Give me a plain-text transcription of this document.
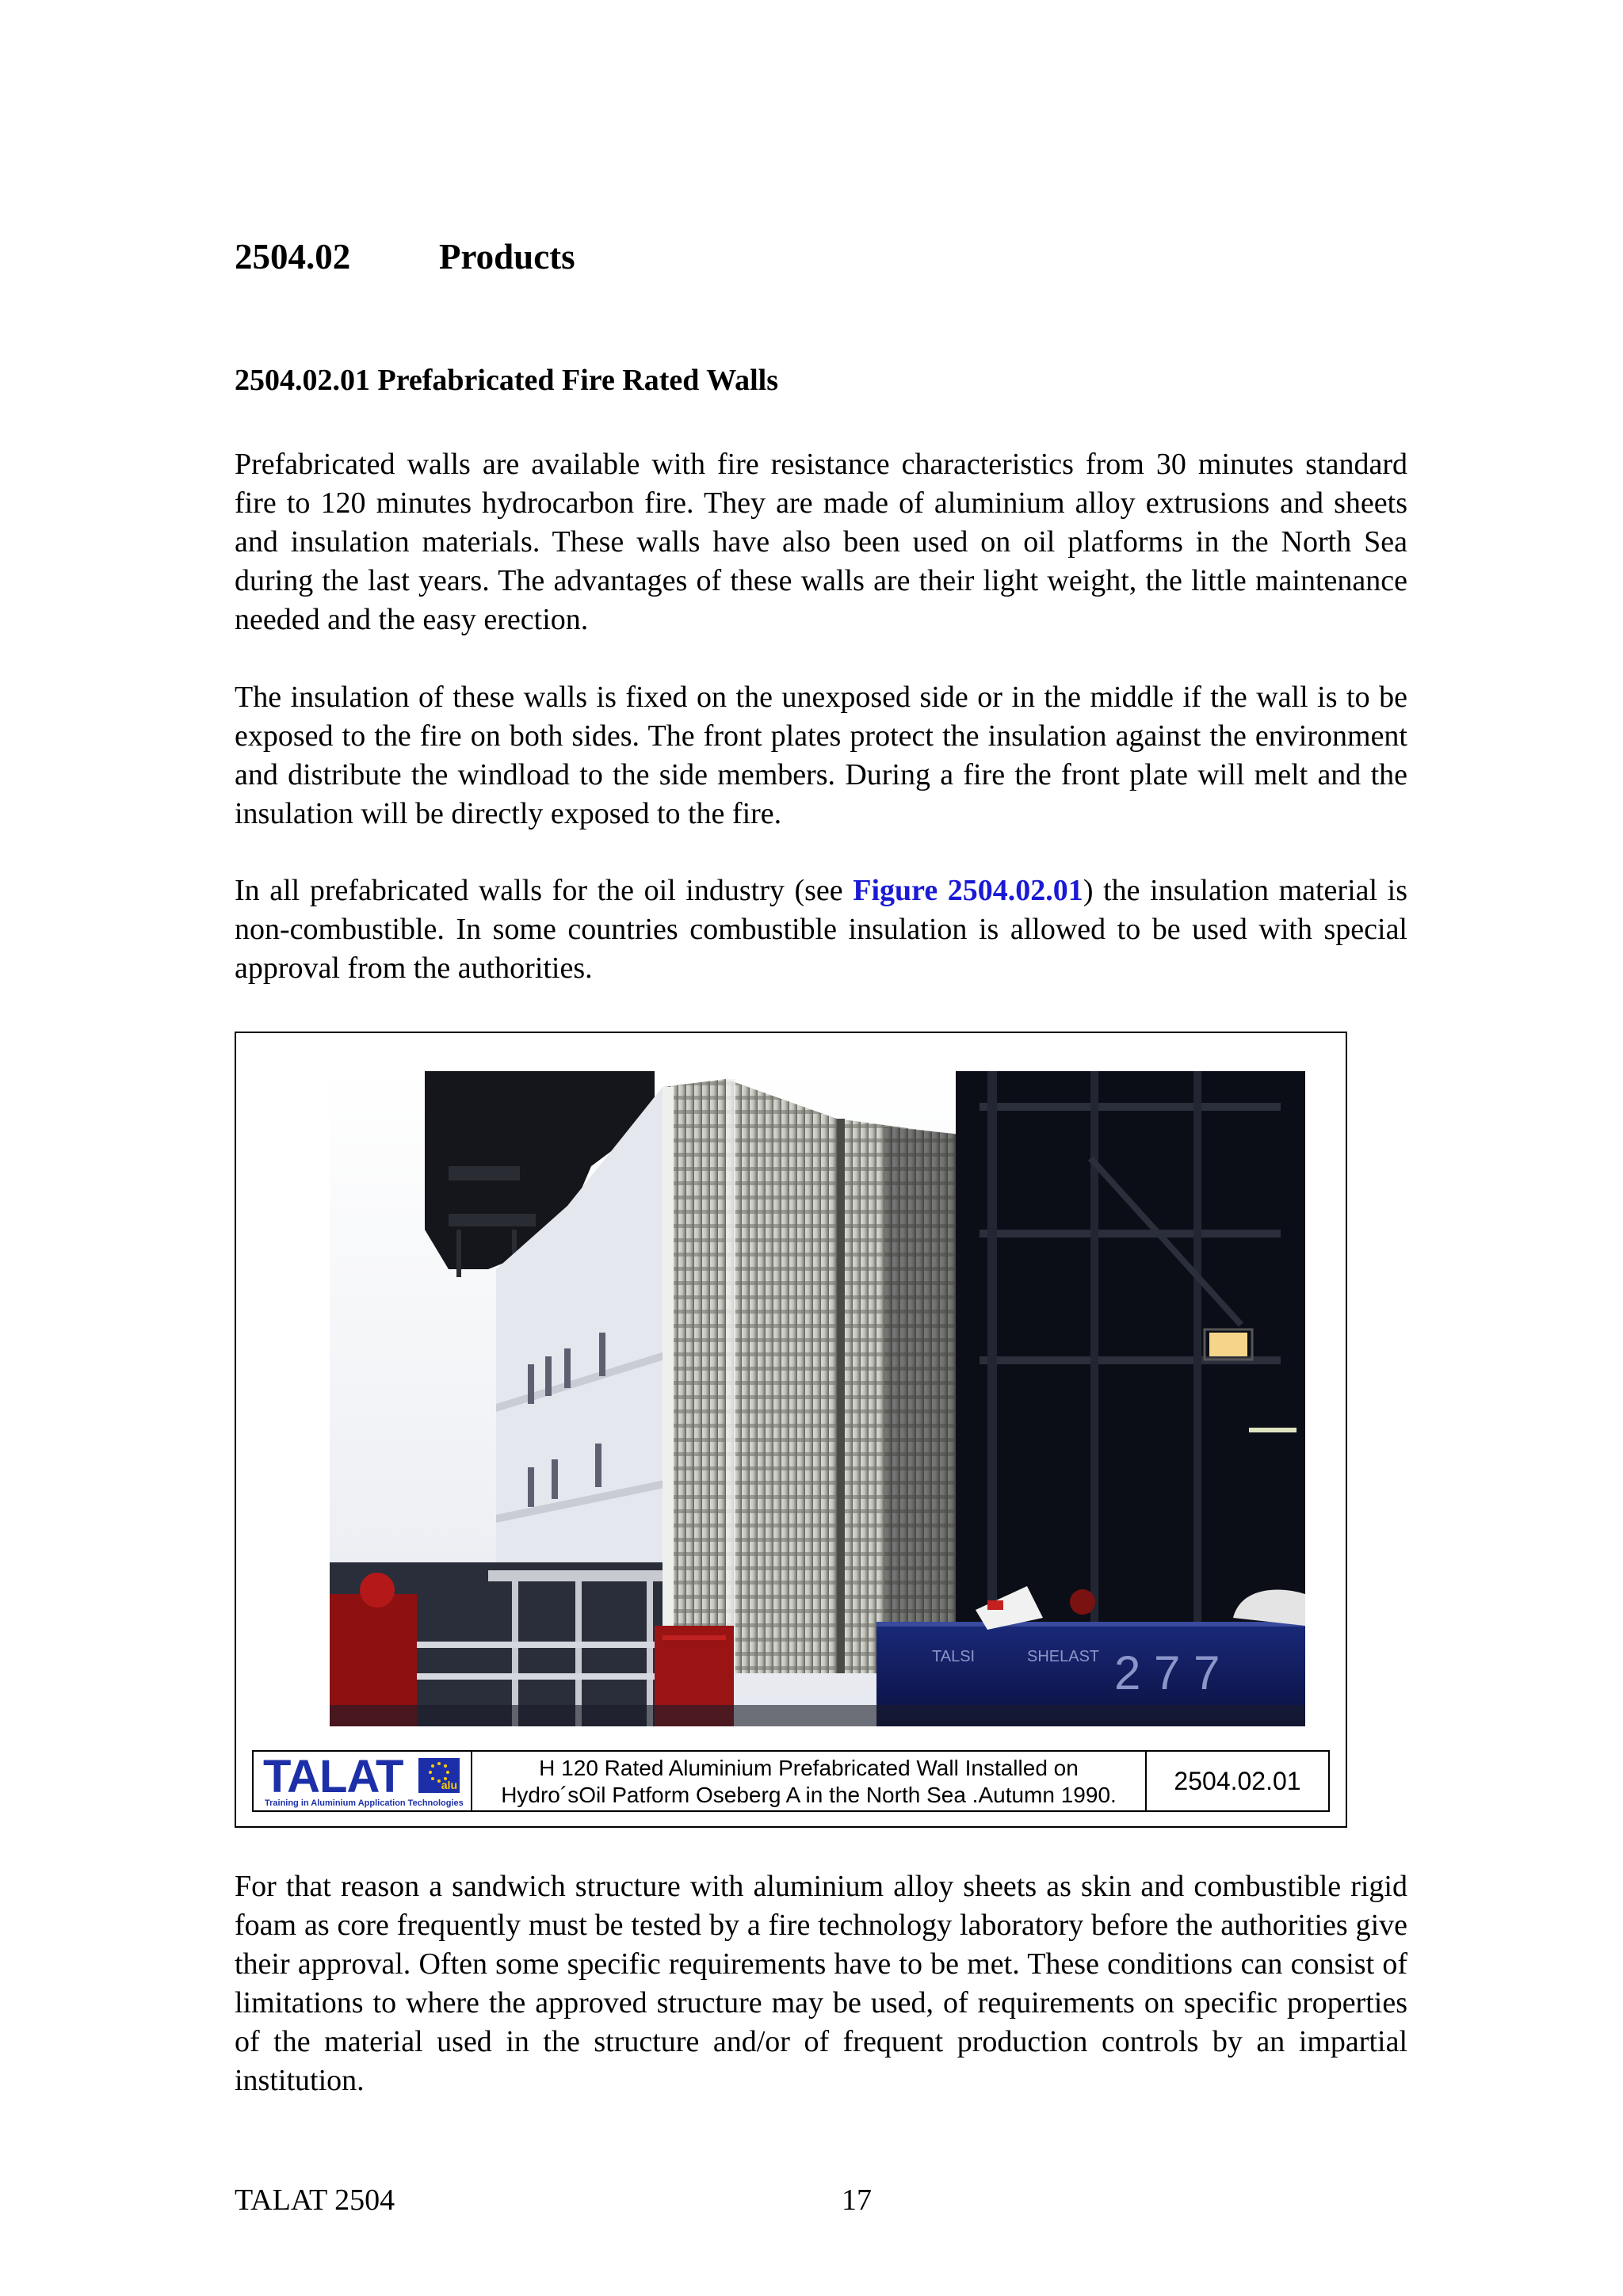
2504.02 Products
2504.02.01 Prefabricated Fire Rated Walls

Prefabricated walls are available with fire resistance characteristics from 30 minutes standard fire to 120 minutes hydrocarbon fire. They are made of aluminium alloy extrusions and sheets and insulation materials. These walls have also been used on oil platforms in the North Sea during the last years. The advantages of these walls are their light weight, the little maintenance needed and the easy erection.

The insulation of these walls is fixed on the unexposed side or in the middle if the wall is to be exposed to the fire on both sides. The front plates protect the insulation against the environment and distribute the windload to the side members. During a fire the front plate will melt and the insulation will be directly exposed to the fire.

In all prefabricated walls for the oil industry (see Figure 2504.02.01) the insulation material is non-combustible. In some countries combustible insulation is allowed to be used with special approval from the authorities.

TALSI	SHELAST 2 7 7
TALAT	alu
Training in Aluminium Application Technologies
H 120 Rated Aluminium Prefabricated Wall Installed on
Hydro´sOil Patform Oseberg A in the North Sea .Autumn 1990.	2504.02.01

For that reason a sandwich structure with aluminium alloy sheets as skin and combustible rigid foam as core frequently must be tested by a fire technology laboratory before the authorities give their approval. Often some specific requirements have to be met. These conditions can consist of limitations to where the approved structure may be used, of requirements on specific properties of the material used in the structure and/or of frequent production controls by an impartial institution.

TALAT 2504	17
